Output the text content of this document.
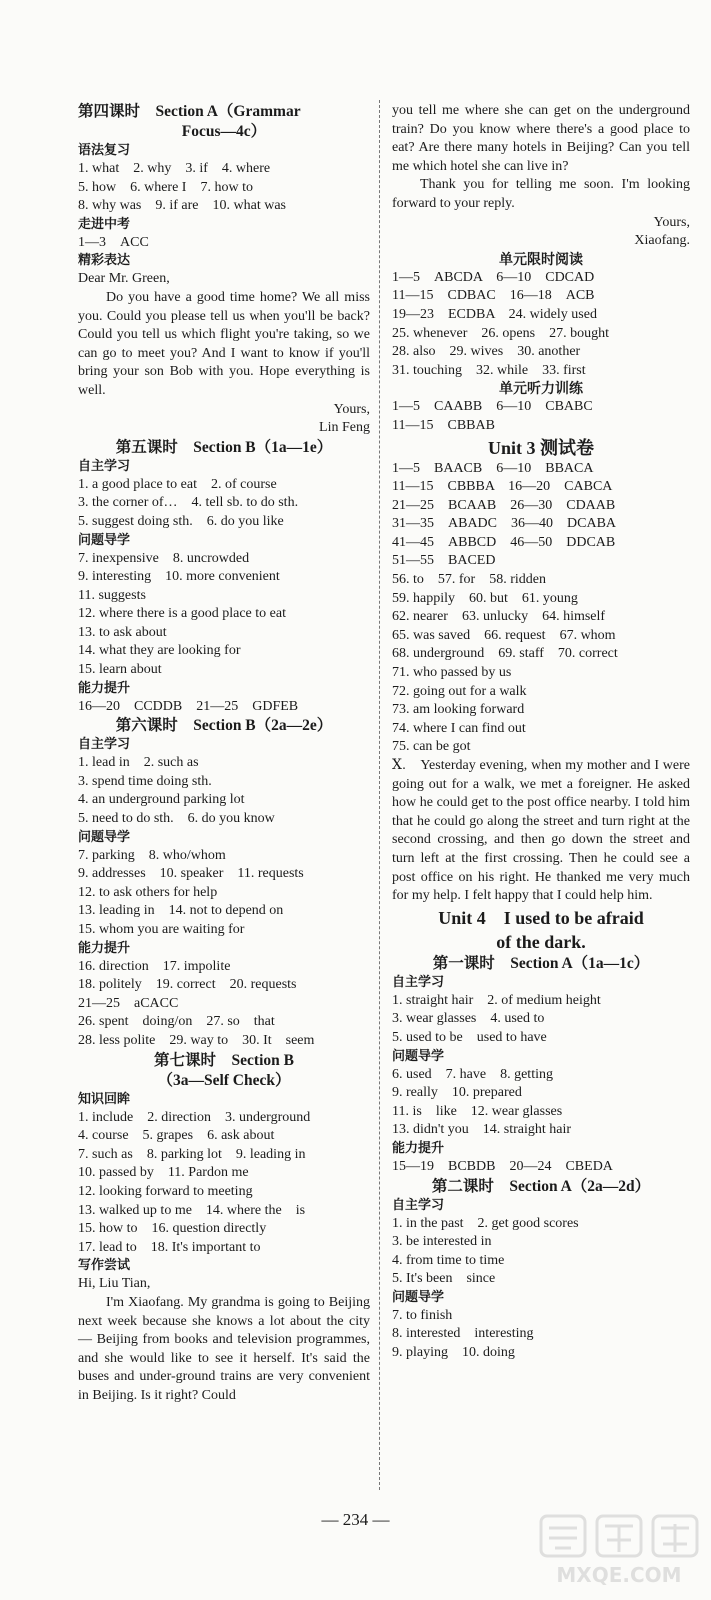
第四课时　Section A（Grammar
Focus—4c）
语法复习
1. what　2. why　3. if　4. where
5. how　6. where I　7. how to
8. why was　9. if are　10. what was
走进中考
1—3　ACC
精彩表达
Dear Mr. Green,
Do you have a good time home? We all miss you. Could you please tell us when you'll be back? Could you tell us which flight you're taking, so we can go to meet you? And I want to know if you'll bring your son Bob with you. Hope everything is well.
Yours,
Lin Feng
第五课时　Section B（1a—1e）
自主学习
1. a good place to eat　2. of course
3. the corner of…　4. tell sb. to do sth.
5. suggest doing sth.　6. do you like
问题导学
7. inexpensive　8. uncrowded
9. interesting　10. more convenient
11. suggests
12. where there is a good place to eat
13. to ask about
14. what they are looking for
15. learn about
能力提升
16—20　CCDDB　21—25　GDFEB
第六课时　Section B（2a—2e）
自主学习
1. lead in　2. such as
3. spend time doing sth.
4. an underground parking lot
5. need to do sth.　6. do you know
问题导学
7. parking　8. who/whom
9. addresses　10. speaker　11. requests
12. to ask others for help
13. leading in　14. not to depend on
15. whom you are waiting for
能力提升
16. direction　17. impolite
18. politely　19. correct　20. requests
21—25　aCACC
26. spent　doing/on　27. so　that
28. less polite　29. way to　30. It　seem
第七课时　Section B
（3a—Self Check）
知识回眸
1. include　2. direction　3. underground
4. course　5. grapes　6. ask about
7. such as　8. parking lot　9. leading in
10. passed by　11. Pardon me
12. looking forward to meeting
13. walked up to me　14. where the　is
15. how to　16. question directly
17. lead to　18. It's important to
写作尝试
Hi, Liu Tian,
I'm Xiaofang. My grandma is going to Beijing next week because she knows a lot about the city — Beijing from books and television programmes, and she would like to see it herself. It's said the buses and under-ground trains are very convenient in Beijing. Is it right? Could
you tell me where she can get on the underground train? Do you know where there's a good place to eat? Are there many hotels in Beijing? Can you tell me which hotel she can live in?
Thank you for telling me soon. I'm looking forward to your reply.
Yours,
Xiaofang.
单元限时阅读
1—5　ABCDA　6—10　CDCAD
11—15　CDBAC　16—18　ACB
19—23　ECDBA　24. widely used
25. whenever　26. opens　27. bought
28. also　29. wives　30. another
31. touching　32. while　33. first
单元听力训练
1—5　CAABB　6—10　CBABC
11—15　CBBAB
Unit 3 测试卷
1—5　BAACB　6—10　BBACA
11—15　CBBBA　16—20　CABCA
21—25　BCAAB　26—30　CDAAB
31—35　ABADC　36—40　DCABA
41—45　ABBCD　46—50　DDCAB
51—55　BACED
56. to　57. for　58. ridden
59. happily　60. but　61. young
62. nearer　63. unlucky　64. himself
65. was saved　66. request　67. whom
68. underground　69. staff　70. correct
71. who passed by us
72. going out for a walk
73. am looking forward
74. where I can find out
75. can be got
Ⅹ.　Yesterday evening, when my mother and I were going out for a walk, we met a foreigner. He asked how he could get to the post office nearby. I told him that he could go along the street and turn right at the second crossing, and then go down the street and turn left at the first crossing. Then he could see a post office on his right. He thanked me very much for my help. I felt happy that I could help him.
Unit 4　I used to be afraid
of the dark.
第一课时　Section A（1a—1c）
自主学习
1. straight hair　2. of medium height
3. wear glasses　4. used to
5. used to be　used to have
问题导学
6. used　7. have　8. getting
9. really　10. prepared
11. is　like　12. wear glasses
13. didn't you　14. straight hair
能力提升
15—19　BCBDB　20—24　CBEDA
第二课时　Section A（2a—2d）
自主学习
1. in the past　2. get good scores
3. be interested in
4. from time to time
5. It's been　since
问题导学
7. to finish
8. interested　interesting
9. playing　10. doing
— 234 —
MXQE.COM
